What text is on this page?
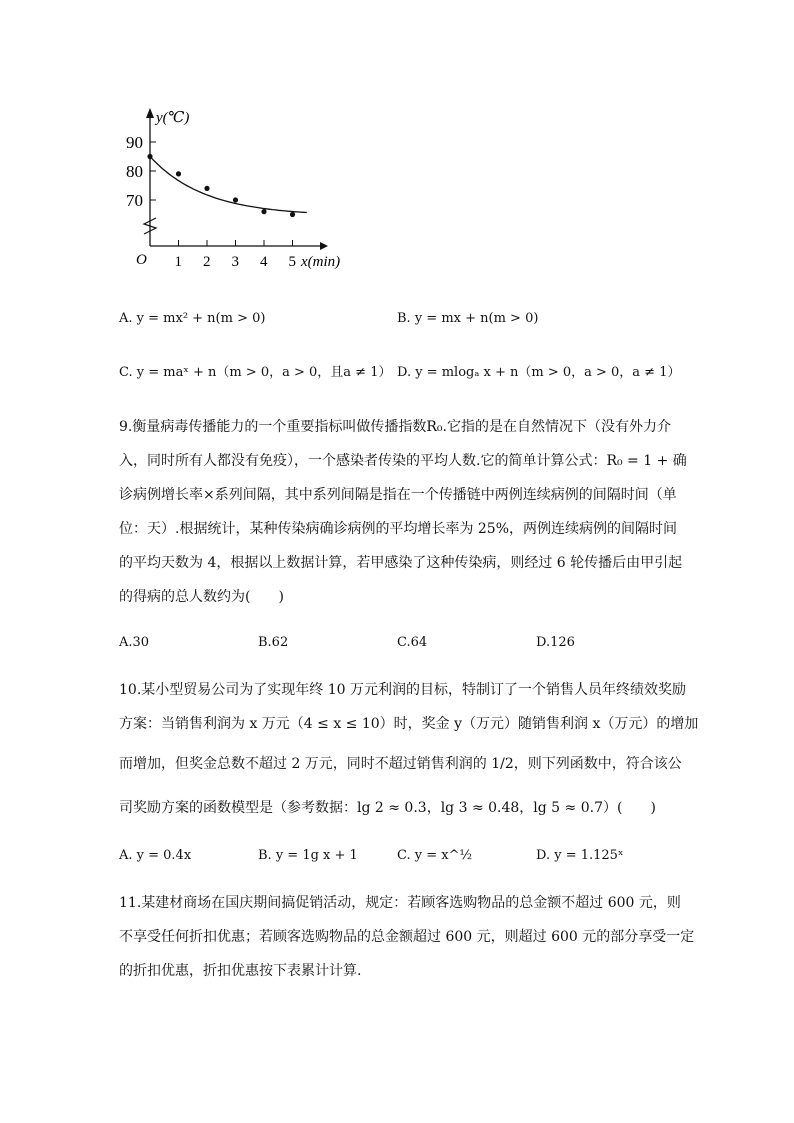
y(℃)
x(min)
O
90
80
70
1 2 3 4 5
A. y = mx² + n(m > 0)	B. y = mx + n(m > 0)
C. y = maˣ + n（m > 0，a > 0，且a ≠ 1） D. y = mlogₐ x + n（m > 0，a > 0，a ≠ 1）
9.衡量病毒传播能力的一个重要指标叫做传播指数R₀.它指的是在自然情况下（没有外力介
入，同时所有人都没有免疫），一个感染者传染的平均人数.它的简单计算公式：R₀ = 1 + 确
诊病例增长率×系列间隔，其中系列间隔是指在一个传播链中两例连续病例的间隔时间（单
位：天）.根据统计，某种传染病确诊病例的平均增长率为 25%，两例连续病例的间隔时间
的平均天数为 4，根据以上数据计算，若甲感染了这种传染病，则经过 6 轮传播后由甲引起
的得病的总人数约为(　　)
A.30	B.62	C.64	D.126
10.某小型贸易公司为了实现年终 10 万元利润的目标，特制订了一个销售人员年终绩效奖励
方案：当销售利润为 x 万元（4 ≤ x ≤ 10）时，奖金 y（万元）随销售利润 x（万元）的增加
而增加，但奖金总数不超过 2 万元，同时不超过销售利润的 1/2，则下列函数中，符合该公
司奖励方案的函数模型是（参考数据：lg 2 ≈ 0.3，lg 3 ≈ 0.48，lg 5 ≈ 0.7）(　　)
A. y = 0.4x	B. y = 1g x + 1	C. y = x^½	D. y = 1.125ˣ
11.某建材商场在国庆期间搞促销活动，规定：若顾客选购物品的总金额不超过 600 元，则
不享受任何折扣优惠；若顾客选购物品的总金额超过 600 元，则超过 600 元的部分享受一定
的折扣优惠，折扣优惠按下表累计计算.
